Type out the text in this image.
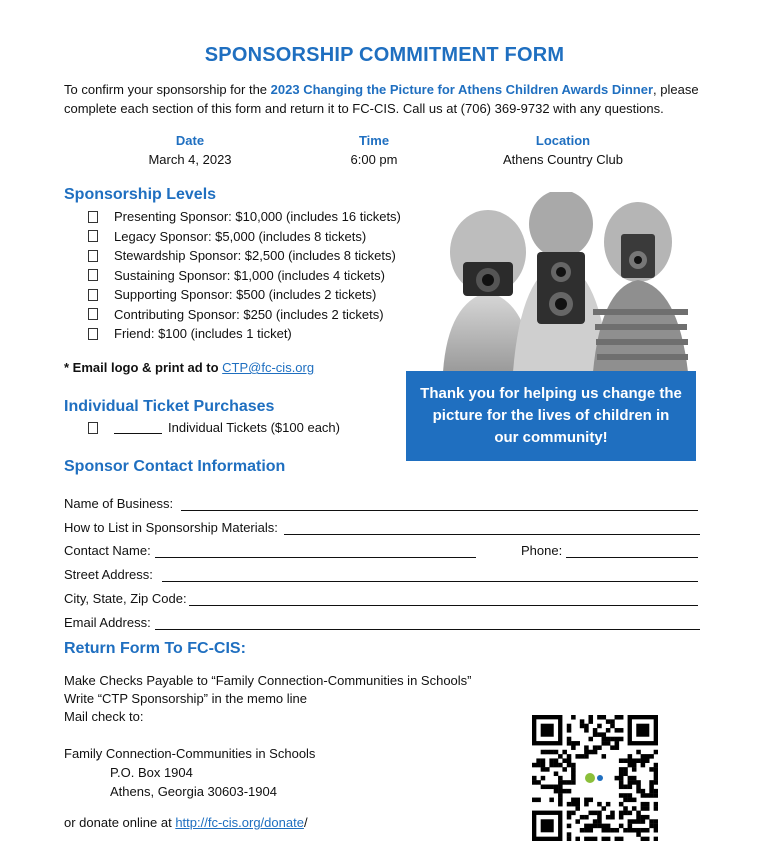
SPONSORSHIP COMMITMENT FORM
To confirm your sponsorship for the 2023 Changing the Picture for Athens Children Awards Dinner, please complete each section of this form and return it to FC-CIS. Call us at (706) 369-9732 with any questions.
Date
March 4, 2023
Time
6:00 pm
Location
Athens Country Club
Sponsorship Levels
Presenting Sponsor: $10,000 (includes 16 tickets)
Legacy Sponsor: $5,000 (includes 8 tickets)
Stewardship Sponsor: $2,500 (includes 8 tickets)
Sustaining Sponsor: $1,000 (includes 4 tickets)
Supporting Sponsor: $500 (includes 2 tickets)
Contributing Sponsor: $250 (includes 2 tickets)
Friend: $100 (includes 1 ticket)
* Email logo & print ad to CTP@fc-cis.org
Thank you for helping us change the picture for the lives of children in our community!
Individual Ticket Purchases
Individual Tickets ($100 each)
Sponsor Contact Information
Name of Business:
How to List in Sponsorship Materials:
Contact Name:	Phone:
Street Address:
City, State, Zip Code:
Email Address:
Return Form To FC-CIS:
Make Checks Payable to “Family Connection-Communities in Schools”
Write “CTP Sponsorship” in the memo line
Mail check to:
Family Connection-Communities in Schools
P.O. Box 1904
Athens, Georgia 30603-1904
or donate online at http://fc-cis.org/donate/
